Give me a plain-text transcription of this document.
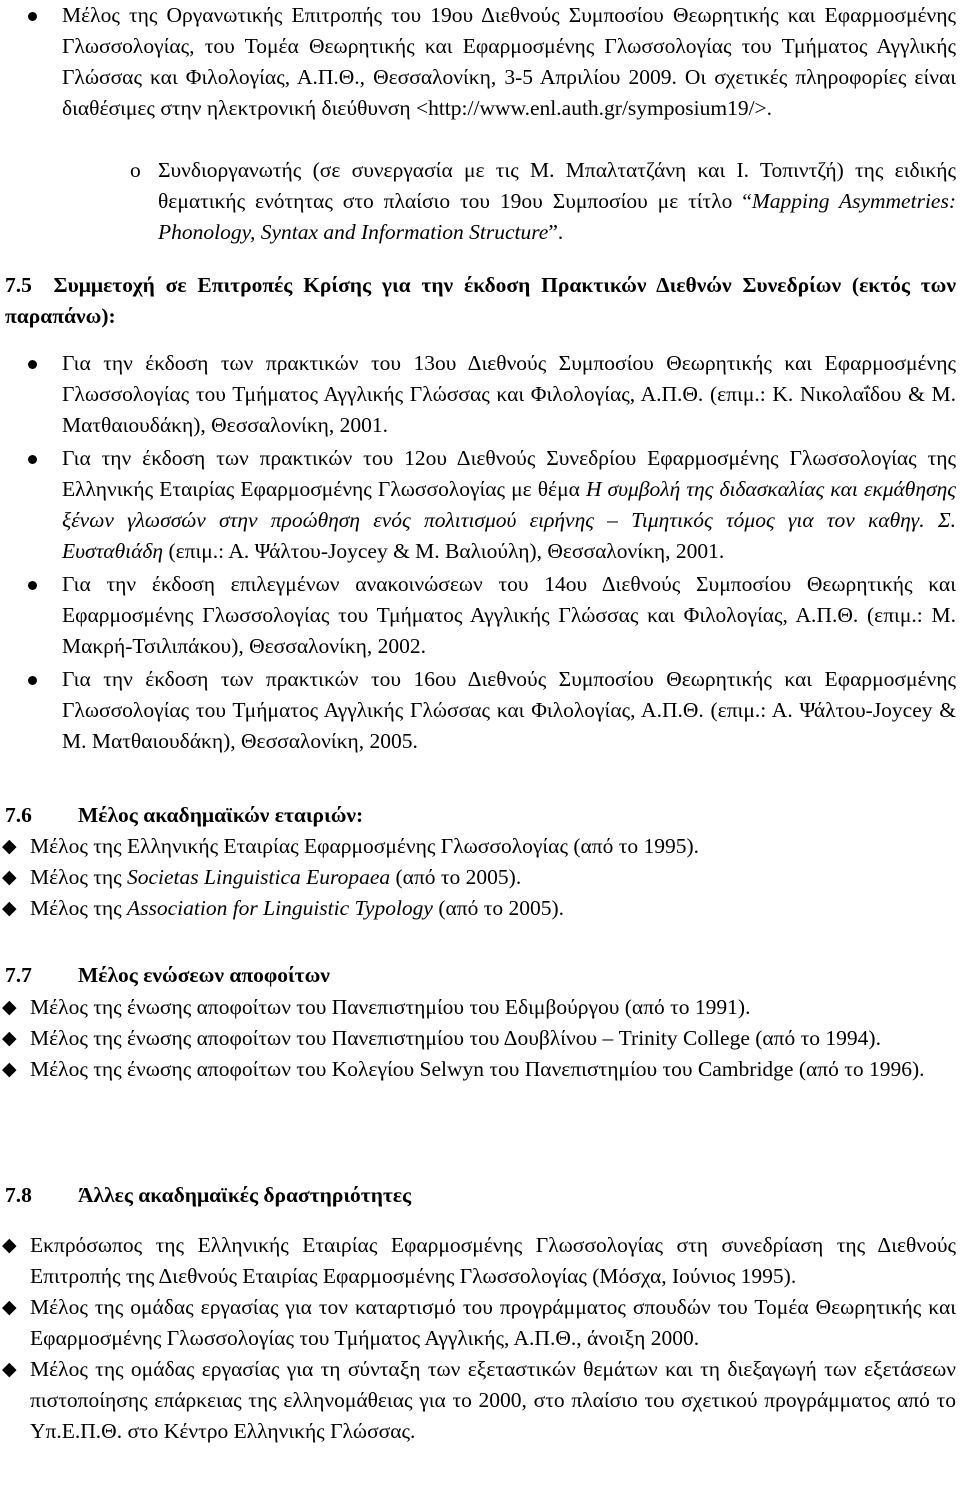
Μέλος της Οργανωτικής Επιτροπής του 19ου Διεθνούς Συμποσίου Θεωρητικής και Εφαρμοσμένης Γλωσσολογίας, του Τομέα Θεωρητικής και Εφαρμοσμένης Γλωσσολογίας του Τμήματος Αγγλικής Γλώσσας και Φιλολογίας, Α.Π.Θ., Θεσσαλονίκη, 3-5 Απριλίου 2009. Οι σχετικές πληροφορίες είναι διαθέσιμες στην ηλεκτρονική διεύθυνση <http://www.enl.auth.gr/symposium19/>.
o Συνδιοργανωτής (σε συνεργασία με τις Μ. Μπαλτατζάνη και Ι. Τοπιντζή) της ειδικής θεματικής ενότητας στο πλαίσιο του 19ου Συμποσίου με τίτλο “Mapping Asymmetries: Phonology, Syntax and Information Structure”.
7.5 Συμμετοχή σε Επιτροπές Κρίσης για την έκδοση Πρακτικών Διεθνών Συνεδρίων (εκτός των παραπάνω):
Για την έκδοση των πρακτικών του 13ου Διεθνούς Συμποσίου Θεωρητικής και Εφαρμοσμένης Γλωσσολογίας του Τμήματος Αγγλικής Γλώσσας και Φιλολογίας, Α.Π.Θ. (επιμ.: Κ. Νικολαΐδου & Μ. Ματθαιουδάκη), Θεσσαλονίκη, 2001.
Για την έκδοση των πρακτικών του 12ου Διεθνούς Συνεδρίου Εφαρμοσμένης Γλωσσολογίας της Ελληνικής Εταιρίας Εφαρμοσμένης Γλωσσολογίας με θέμα Η συμβολή της διδασκαλίας και εκμάθησης ξένων γλωσσών στην προώθηση ενός πολιτισμού ειρήνης – Τιμητικός τόμος για τον καθηγ. Σ. Ευσταθιάδη (επιμ.: Α. Ψάλτου-Joycey & Μ. Βαλιούλη), Θεσσαλονίκη, 2001.
Για την έκδοση επιλεγμένων ανακοινώσεων του 14ου Διεθνούς Συμποσίου Θεωρητικής και Εφαρμοσμένης Γλωσσολογίας του Τμήματος Αγγλικής Γλώσσας και Φιλολογίας, Α.Π.Θ. (επιμ.: Μ. Μακρή-Τσιλιπάκου), Θεσσαλονίκη, 2002.
Για την έκδοση των πρακτικών του 16ου Διεθνούς Συμποσίου Θεωρητικής και Εφαρμοσμένης Γλωσσολογίας του Τμήματος Αγγλικής Γλώσσας και Φιλολογίας, Α.Π.Θ. (επιμ.: Α. Ψάλτου-Joycey & Μ. Ματθαιουδάκη), Θεσσαλονίκη, 2005.
7.6 Μέλος ακαδημαϊκών εταιριών:
◆ Μέλος της Ελληνικής Εταιρίας Εφαρμοσμένης Γλωσσολογίας (από το 1995).
◆ Μέλος της Societas Linguistica Europaea (από το 2005).
◆ Μέλος της Association for Linguistic Typology (από το 2005).
7.7 Μέλος ενώσεων αποφοίτων
◆ Μέλος της ένωσης αποφοίτων του Πανεπιστημίου του Εδιμβούργου (από το 1991).
◆ Μέλος της ένωσης αποφοίτων του Πανεπιστημίου του Δουβλίνου – Trinity College (από το 1994).
◆ Μέλος της ένωσης αποφοίτων του Κολεγίου Selwyn του Πανεπιστημίου του Cambridge (από το 1996).
7.8 Άλλες ακαδημαϊκές δραστηριότητες
◆ Εκπρόσωπος της Ελληνικής Εταιρίας Εφαρμοσμένης Γλωσσολογίας στη συνεδρίαση της Διεθνούς Επιτροπής της Διεθνούς Εταιρίας Εφαρμοσμένης Γλωσσολογίας (Μόσχα, Ιούνιος 1995).
◆ Μέλος της ομάδας εργασίας για τον καταρτισμό του προγράμματος σπουδών του Τομέα Θεωρητικής και Εφαρμοσμένης Γλωσσολογίας του Τμήματος Αγγλικής, Α.Π.Θ., άνοιξη 2000.
◆ Μέλος της ομάδας εργασίας για τη σύνταξη των εξεταστικών θεμάτων και τη διεξαγωγή των εξετάσεων πιστοποίησης επάρκειας της ελληνομάθειας για το 2000, στο πλαίσιο του σχετικού προγράμματος από το Υπ.Ε.Π.Θ. στο Κέντρο Ελληνικής Γλώσσας.
